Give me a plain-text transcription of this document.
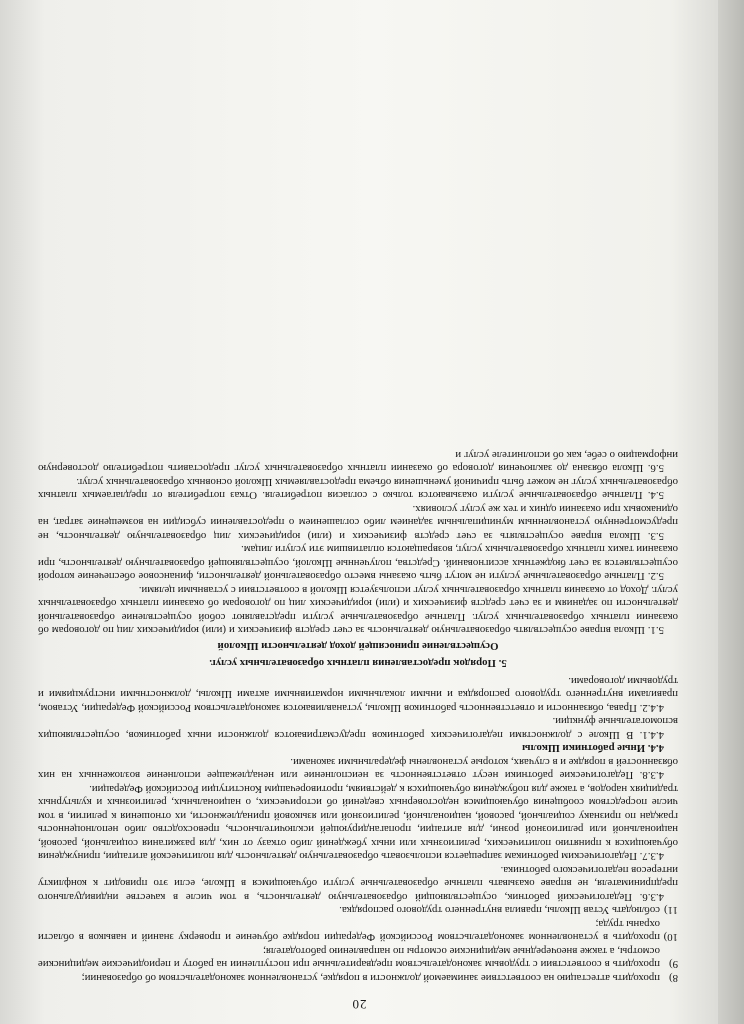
20

8)проходить аттестацию на соответствие занимаемой должности в порядке, установленном законодательством об образовании;

9)проходить в соответствии с трудовым законодательством предварительные при поступлении на работу и периодические медицинские осмотры, а также внеочередные медицинские осмотры по направлению работодателя;

10)проходить в установленном законодательством Российской Федерации порядке обучение и проверку знаний и навыков в области охраны труда;

11)соблюдать Устав Школы, правила внутреннего трудового распорядка.

4.3.6. Педагогический работник, осуществляющий образовательную деятельность, в том числе в качестве индивидуального предпринимателя, не вправе оказывать платные образовательные услуги обучающимся в Школе, если это приводит к конфликту интересов педагогического работника.

4.3.7. Педагогическим работникам запрещается использовать образовательную деятельность для политической агитации, принуждения обучающихся к принятию политических, религиозных или иных убеждений либо отказу от них, для разжигания социальной, расовой, национальной или религиозной розни, для агитации, пропагандирующей исключительность, превосходство либо неполноценность граждан по признаку социальной, расовой, национальной, религиозной или языковой принадлежности, их отношения к религии, в том числе посредством сообщения обучающимся недостоверных сведений об исторических, о национальных, религиозных и культурных традициях народов, а также для побуждения обучающихся к действиям, противоречащим Конституции Российской Федерации.

4.3.8. Педагогические работники несут ответственность за неисполнение или ненадлежащее исполнение возложенных на них обязанностей в порядке и в случаях, которые установлены федеральными законами.

4.4. Иные работники Школы

4.4.1. В Школе с должностями педагогических работников предусматриваются должности иных работников, осуществляющих вспомогательные функции.

4.4.2. Права, обязанности и ответственность работников Школы, устанавливаются законодательством Российской Федерации, Уставом, правилами внутреннего трудового распорядка и иными локальными нормативными актами Школы, должностными инструкциями и трудовыми договорами.

5. Порядок предоставления платных образовательных услуг.

Осуществление приносящей доход деятельности Школой

5.1. Школа вправе осуществлять образовательную деятельность за счет средств физических и (или) юридических лиц по договорам об оказании платных образовательных услуг. Платные образовательные услуги представляют собой осуществление образовательной деятельности по заданиям и за счет средств физических и (или) юридических лиц по договорам об оказании платных образовательных услуг. Доход от оказания платных образовательных услуг используется Школой в соответствии с уставными целями.

5.2. Платные образовательные услуги не могут быть оказаны вместо образовательной деятельности, финансовое обеспечение которой осуществляется за счет бюджетных ассигнований. Средства, полученные Школой, осуществляющей образовательную деятельность, при оказании таких платных образовательных услуг, возвращаются оплатившим эти услуги лицам.

5.3. Школа вправе осуществлять за счет средств физических и (или) юридических лиц образовательную деятельность, не предусмотренную установленным муниципальным заданием либо соглашением о предоставлении субсидии на возмещение затрат, на одинаковых при оказании одних и тех же услуг условиях.

5.4. Платные образовательные услуги оказываются только с согласия потребителя. Отказ потребителя от предлагаемых платных образовательных услуг не может быть причиной уменьшения объема предоставляемых Школой основных образовательных услуг.

5.6. Школа обязана до заключения договора об оказании платных образовательных услуг предоставить потребителю достоверную информацию о себе, как об исполнителе услуг и
